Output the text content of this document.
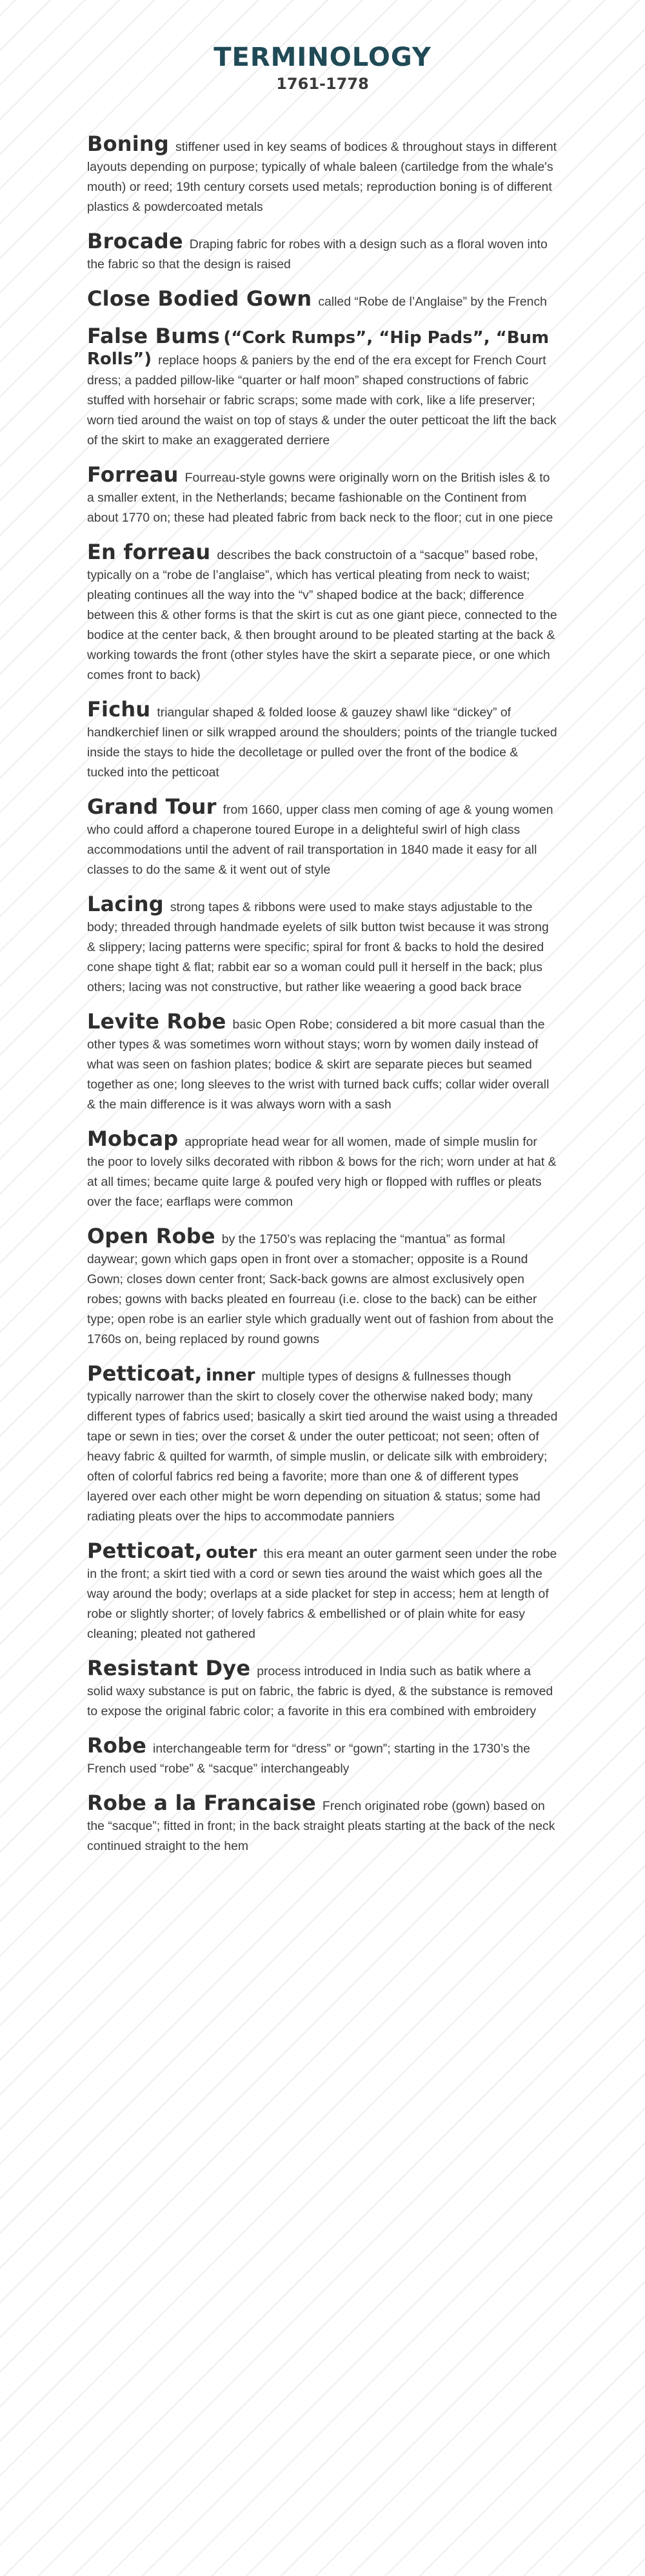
TERMINOLOGY
1761-1778

Boning stiffener used in key seams of bodices & throughout stays in different layouts depending on purpose; typically of whale baleen (cartiledge from the whale's mouth) or reed; 19th century corsets used metals; reproduction boning is of different plastics & powdercoated metals

Brocade Draping fabric for robes with a design such as a floral woven into the fabric so that the design is raised

Close Bodied Gown called “Robe de l’Anglaise” by the French

False Bums (“Cork Rumps”, “Hip Pads”, “Bum Rolls”) replace hoops & paniers by the end of the era except for French Court dress; a padded pillow-like “quarter or half moon” shaped constructions of fabric stuffed with horsehair or fabric scraps; some made with cork, like a life preserver; worn tied around the waist on top of stays & under the outer petticoat the lift the back of the skirt to make an exaggerated derriere

Forreau Fourreau-style gowns were originally worn on the British isles & to a smaller extent, in the Netherlands; became fashionable on the Continent from about 1770 on; these had pleated fabric from back neck to the floor; cut in one piece

En forreau describes the back constructoin of a “sacque” based robe, typically on a “robe de l’anglaise”, which has vertical pleating from neck to waist; pleating continues all the way into the “v” shaped bodice at the back; difference between this & other forms is that the skirt is cut as one giant piece, connected to the bodice at the center back, & then brought around to be pleated starting at the back & working towards the front (other styles have the skirt a separate piece, or one which comes front to back)

Fichu triangular shaped & folded loose & gauzey shawl like “dickey” of handkerchief linen or silk wrapped around the shoulders; points of the triangle tucked inside the stays to hide the decolletage or pulled over the front of the bodice & tucked into the petticoat

Grand Tour from 1660, upper class men coming of age & young women who could afford a chaperone toured Europe in a delighteful swirl of high class accommodations until the advent of rail transportation in 1840 made it easy for all classes to do the same & it went out of style

Lacing strong tapes & ribbons were used to make stays adjustable to the body; threaded through handmade eyelets of silk button twist because it was strong & slippery; lacing patterns were specific; spiral for front & backs to hold the desired cone shape tight & flat; rabbit ear so a woman could pull it herself in the back; plus others; lacing was not constructive, but rather like weaering a good back brace

Levite Robe basic Open Robe; considered a bit more casual than the other types & was sometimes worn without stays; worn by women daily instead of what was seen on fashion plates; bodice & skirt are separate pieces but seamed together as one; long sleeves to the wrist with turned back cuffs; collar wider overall & the main difference is it was always worn with a sash

Mobcap appropriate head wear for all women, made of simple muslin for the poor to lovely silks decorated with ribbon & bows for the rich; worn under at hat & at all times; became quite large & poufed very high or flopped with ruffles or pleats over the face; earflaps were common

Open Robe by the 1750’s was replacing the “mantua” as formal daywear; gown which gaps open in front over a stomacher; opposite is a Round Gown; closes down center front; Sack-back gowns are almost exclusively open robes; gowns with backs pleated en fourreau (i.e. close to the back) can be either type; open robe is an earlier style which gradually went out of fashion from about the 1760s on, being replaced by round gowns

Petticoat, inner multiple types of designs & fullnesses though typically narrower than the skirt to closely cover the otherwise naked body; many different types of fabrics used; basically a skirt tied around the waist using a threaded tape or sewn in ties; over the corset & under the outer petticoat; not seen; often of heavy fabric & quilted for warmth, of simple muslin, or delicate silk with embroidery; often of colorful fabrics red being a favorite; more than one & of different types layered over each other might be worn depending on situation & status; some had radiating pleats over the hips to accommodate panniers

Petticoat, outer this era meant an outer garment seen under the robe in the front; a skirt tied with a cord or sewn ties around the waist which goes all the way around the body; overlaps at a side placket for step in access; hem at length of robe or slightly shorter; of lovely fabrics & embellished or of plain white for easy cleaning; pleated not gathered

Resistant Dye process introduced in India such as batik where a solid waxy substance is put on fabric, the fabric is dyed, & the substance is removed to expose the original fabric color; a favorite in this era combined with embroidery

Robe interchangeable term for “dress” or “gown”; starting in the 1730’s the French used “robe” & “sacque” interchangeably

Robe a la Francaise French originated robe (gown) based on the “sacque”; fitted in front; in the back straight pleats starting at the back of the neck continued straight to the hem
